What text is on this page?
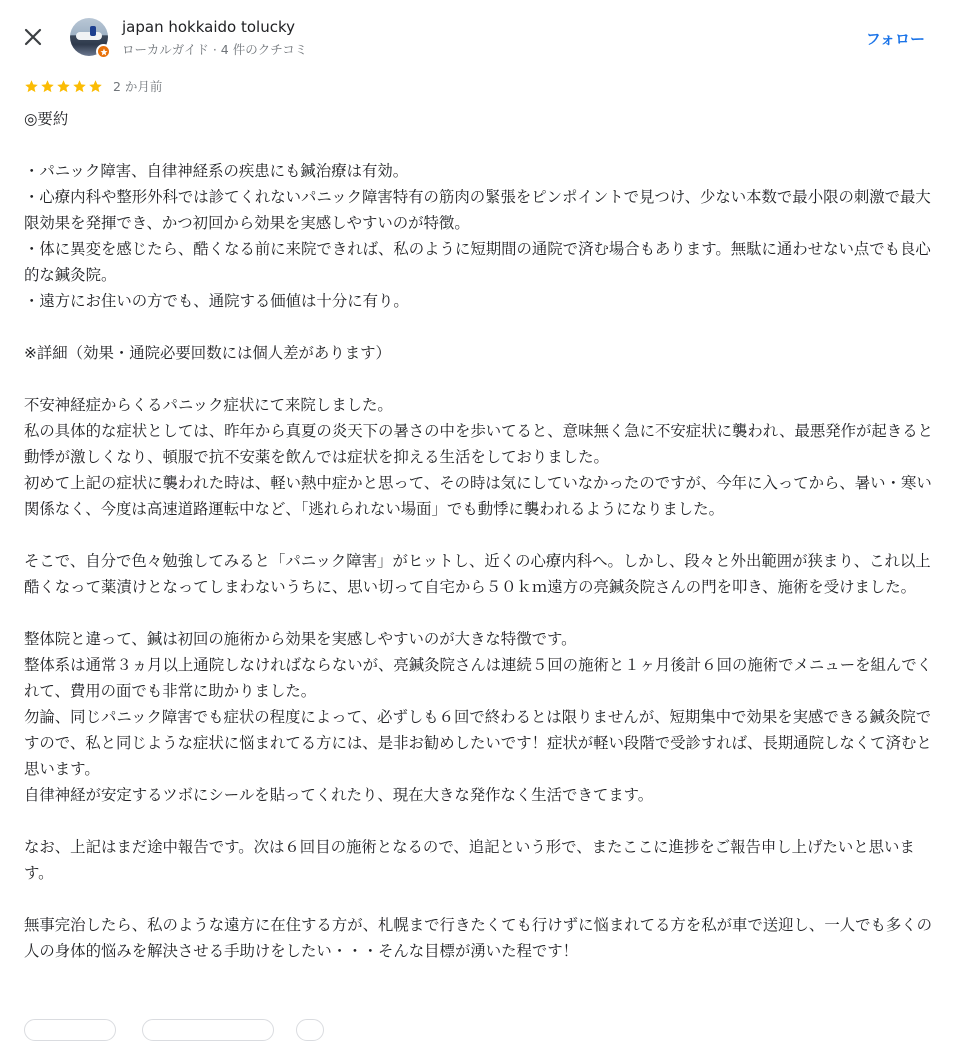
japan hokkaido tolucky
ローカルガイド · 4 件のクチコミ
フォロー
2 か月前
◎要約
・パニック障害、自律神経系の疾患にも鍼治療は有効。
・心療内科や整形外科では診てくれないパニック障害特有の筋肉の緊張をピンポイントで見つけ、少ない本数で最小限の刺激で最大限効果を発揮でき、かつ初回から効果を実感しやすいのが特徴。
・体に異変を感じたら、酷くなる前に来院できれば、私のように短期間の通院で済む場合もあります。無駄に通わせない点でも良心的な鍼灸院。
・遠方にお住いの方でも、通院する価値は十分に有り。
※詳細（効果・通院必要回数には個人差があります）
不安神経症からくるパニック症状にて来院しました。
私の具体的な症状としては、昨年から真夏の炎天下の暑さの中を歩いてると、意味無く急に不安症状に襲われ、最悪発作が起きると動悸が激しくなり、頓服で抗不安薬を飲んでは症状を抑える生活をしておりました。
初めて上記の症状に襲われた時は、軽い熱中症かと思って、その時は気にしていなかったのですが、今年に入ってから、暑い・寒い関係なく、今度は高速道路運転中など、「逃れられない場面」でも動悸に襲われるようになりました。
そこで、自分で色々勉強してみると「パニック障害」がヒットし、近くの心療内科へ。しかし、段々と外出範囲が狭まり、これ以上酷くなって薬漬けとなってしまわないうちに、思い切って自宅から５０ｋｍ遠方の亮鍼灸院さんの門を叩き、施術を受けました。
整体院と違って、鍼は初回の施術から効果を実感しやすいのが大きな特徴です。
整体系は通常３ヵ月以上通院しなければならないが、亮鍼灸院さんは連続５回の施術と１ヶ月後計６回の施術でメニューを組んでくれて、費用の面でも非常に助かりました。
勿論、同じパニック障害でも症状の程度によって、必ずしも６回で終わるとは限りませんが、短期集中で効果を実感できる鍼灸院ですので、私と同じような症状に悩まれてる方には、是非お勧めしたいです！症状が軽い段階で受診すれば、長期通院しなくて済むと思います。
自律神経が安定するツボにシールを貼ってくれたり、現在大きな発作なく生活できてます。
なお、上記はまだ途中報告です。次は６回目の施術となるので、追記という形で、またここに進捗をご報告申し上げたいと思います。
無事完治したら、私のような遠方に在住する方が、札幌まで行きたくても行けずに悩まれてる方を私が車で送迎し、一人でも多くの人の身体的悩みを解決させる手助けをしたい・・・そんな目標が湧いた程です！
